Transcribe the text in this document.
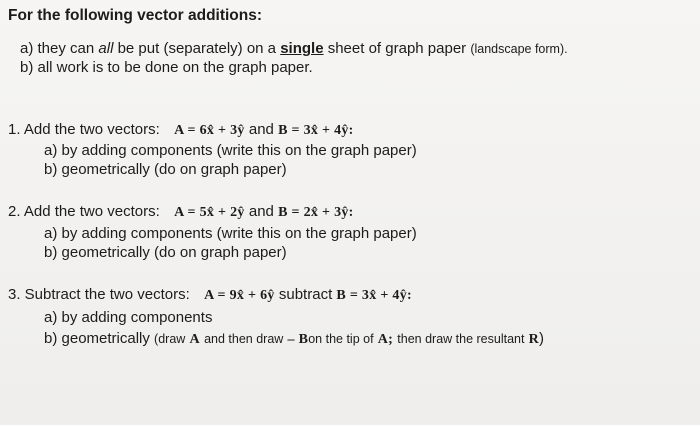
For the following vector additions:
a) they can all be put (separately) on a single sheet of graph paper (landscape form).
b) all work is to be done on the graph paper.
1. Add the two vectors: A = 6x̂ + 3ŷ and B = 3x̂ + 4ŷ:
a) by adding components (write this on the graph paper)
b) geometrically (do on graph paper)
2. Add the two vectors: A = 5x̂ + 2ŷ and B = 2x̂ + 3ŷ:
a) by adding components (write this on the graph paper)
b) geometrically (do on graph paper)
3. Subtract the two vectors: A = 9x̂ + 6ŷ subtract B = 3x̂ + 4ŷ:
a) by adding components
b) geometrically (draw A and then draw – Bon the tip of A; then draw the resultant R)
